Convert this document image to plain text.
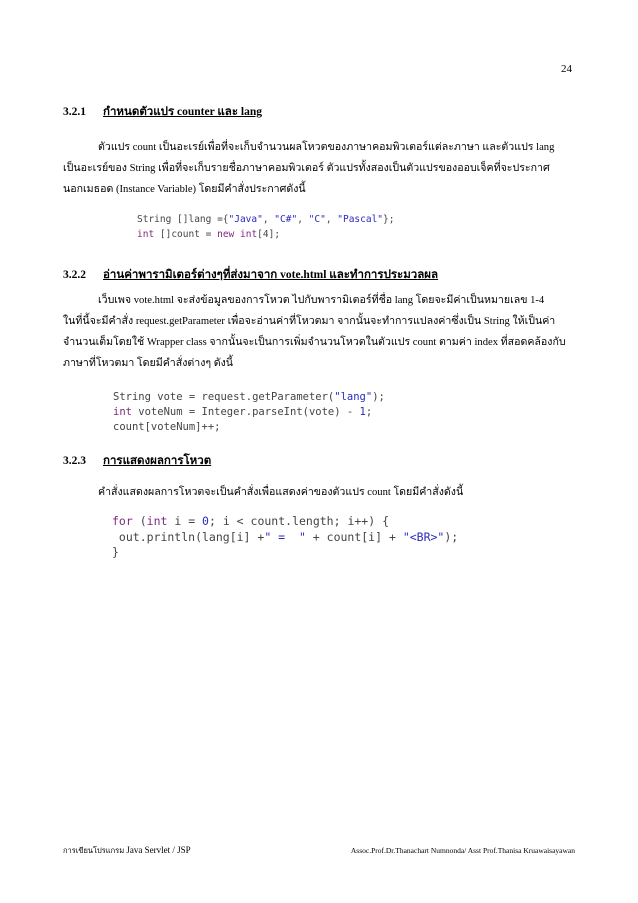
24
3.2.1 กำหนดตัวแปร counter และ lang
ตัวแปร count เป็นอะเรย์เพื่อที่จะเก็บจำนวนผลโหวตของภาษาคอมพิวเตอร์แต่ละภาษา และตัวแปร lang
เป็นอะเรย์ของ String เพื่อที่จะเก็บรายชื่อภาษาคอมพิวเตอร์ ตัวแปรทั้งสองเป็นตัวแปรของออบเจ็คที่จะประกาศ
นอกเมธอด (Instance Variable) โดยมีคำสั่งประกาศดังนี้
String []lang ={"Java", "C#", "C", "Pascal"};
int []count = new int[4];
3.2.2 อ่านค่าพารามิเตอร์ต่างๆที่ส่งมาจาก vote.html และทำการประมวลผล
เว็บเพจ vote.html จะส่งข้อมูลของการโหวต ไปกับพารามิเตอร์ที่ชื่อ lang โดยจะมีค่าเป็นหมายเลข 1-4
ในที่นี้จะมีคำสั่ง request.getParameter เพื่อจะอ่านค่าที่โหวตมา จากนั้นจะทำการแปลงค่าซึ่งเป็น String ให้เป็นค่า
จำนวนเต็มโดยใช้ Wrapper class จากนั้นจะเป็นการเพิ่มจำนวนโหวตในตัวแปร count ตามค่า index ที่สอดคล้องกับ
ภาษาที่โหวตมา โดยมีคำสั่งต่างๆ ดังนี้
String vote = request.getParameter("lang");
int voteNum = Integer.parseInt(vote) - 1;
count[voteNum]++;
3.2.3 การแสดงผลการโหวต
คำสั่งแสดงผลการโหวตจะเป็นคำสั่งเพื่อแสดงค่าของตัวแปร count โดยมีคำสั่งดังนี้
for (int i = 0; i < count.length; i++) {
out.println(lang[i] +" =  " + count[i] + "<BR>");
}
การเขียนโปรแกรม Java Servlet / JSP	Assoc.Prof.Dr.Thanachart Numnonda/ Asst Prof.Thanisa Kruawaisayawan
